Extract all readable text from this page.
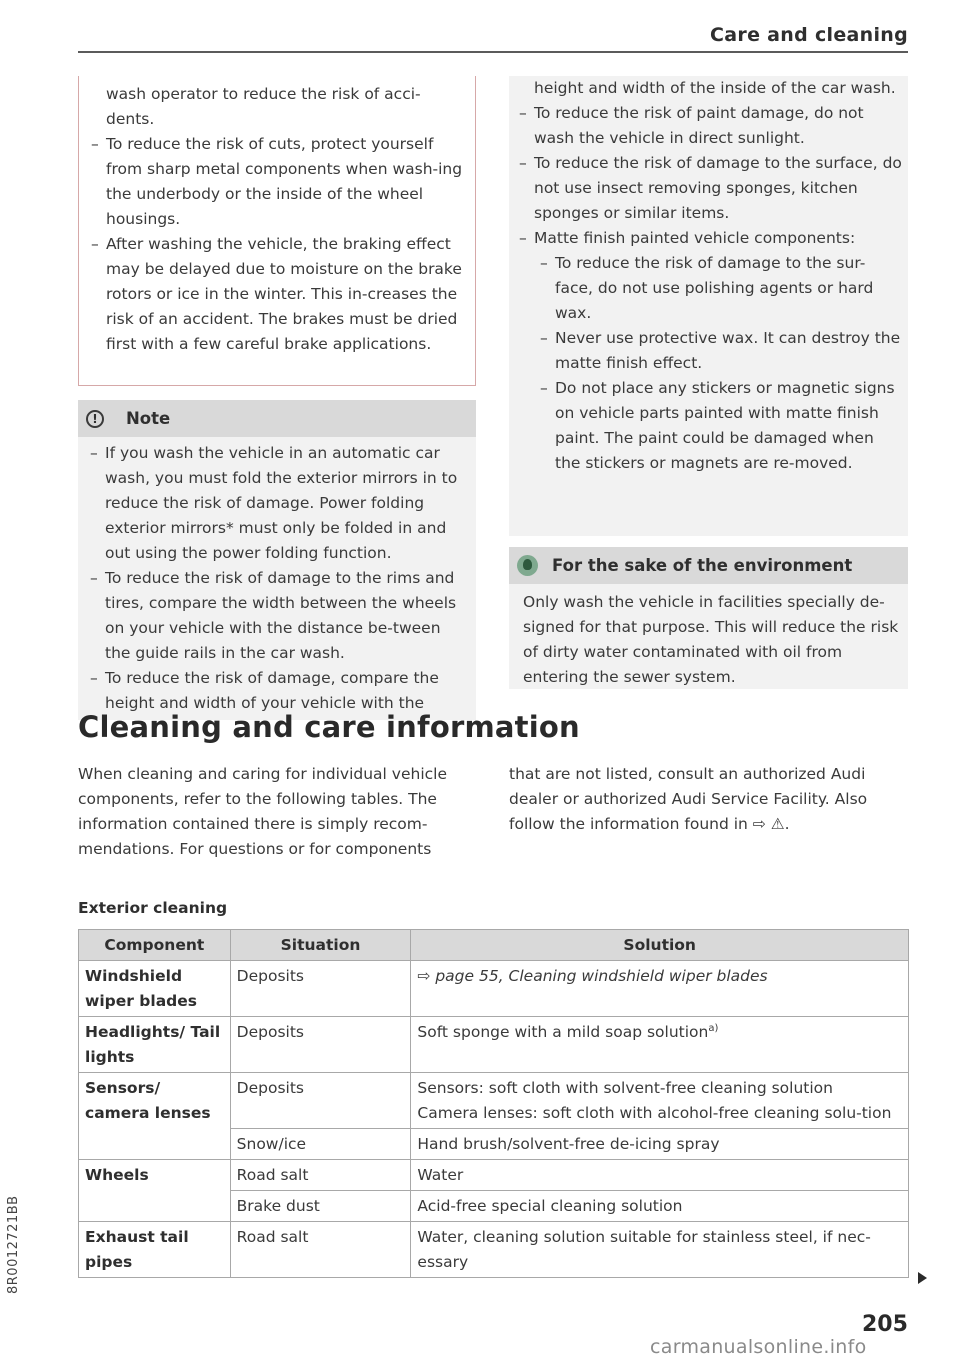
Care and cleaning
wash operator to reduce the risk of acci-dents.
– To reduce the risk of cuts, protect yourself from sharp metal components when wash-ing the underbody or the inside of the wheel housings.
– After washing the vehicle, the braking effect may be delayed due to moisture on the brake rotors or ice in the winter. This in-creases the risk of an accident. The brakes must be dried first with a few careful brake applications.
!	Note
– If you wash the vehicle in an automatic car wash, you must fold the exterior mirrors in to reduce the risk of damage. Power folding exterior mirrors* must only be folded in and out using the power folding function.
– To reduce the risk of damage to the rims and tires, compare the width between the wheels on your vehicle with the distance be-tween the guide rails in the car wash.
– To reduce the risk of damage, compare the height and width of your vehicle with the
height and width of the inside of the car wash.
– To reduce the risk of paint damage, do not wash the vehicle in direct sunlight.
– To reduce the risk of damage to the surface, do not use insect removing sponges, kitchen sponges or similar items.
– Matte finish painted vehicle components:
– To reduce the risk of damage to the sur-face, do not use polishing agents or hard wax.
– Never use protective wax. It can destroy the matte finish effect.
– Do not place any stickers or magnetic signs on vehicle parts painted with matte finish paint. The paint could be damaged when the stickers or magnets are re-moved.
For the sake of the environment
Only wash the vehicle in facilities specially de-signed for that purpose. This will reduce the risk of dirty water contaminated with oil from entering the sewer system.
Cleaning and care information
When cleaning and caring for individual vehicle components, refer to the following tables. The information contained there is simply recom-mendations. For questions or for components
that are not listed, consult an authorized Audi dealer or authorized Audi Service Facility. Also follow the information found in ⇨ ⚠.
Exterior cleaning
Component	Situation	Solution
Windshield wiper blades	Deposits	⇨ page 55, Cleaning windshield wiper blades
Headlights/ Tail lights	Deposits	Soft sponge with a mild soap solution$^{a)}$
Sensors/ camera lenses	Deposits	Sensors: soft cloth with solvent-free cleaning solution
Camera lenses: soft cloth with alcohol-free cleaning solu-tion

	Snow/ice	Hand brush/solvent-free de-icing spray
Wheels	Road salt	Water
	Brake dust	Acid-free special cleaning solution
Exhaust tail pipes	Road salt	Water, cleaning solution suitable for stainless steel, if nec-essary
8R0012721BB
205
carmanualsonline.info
